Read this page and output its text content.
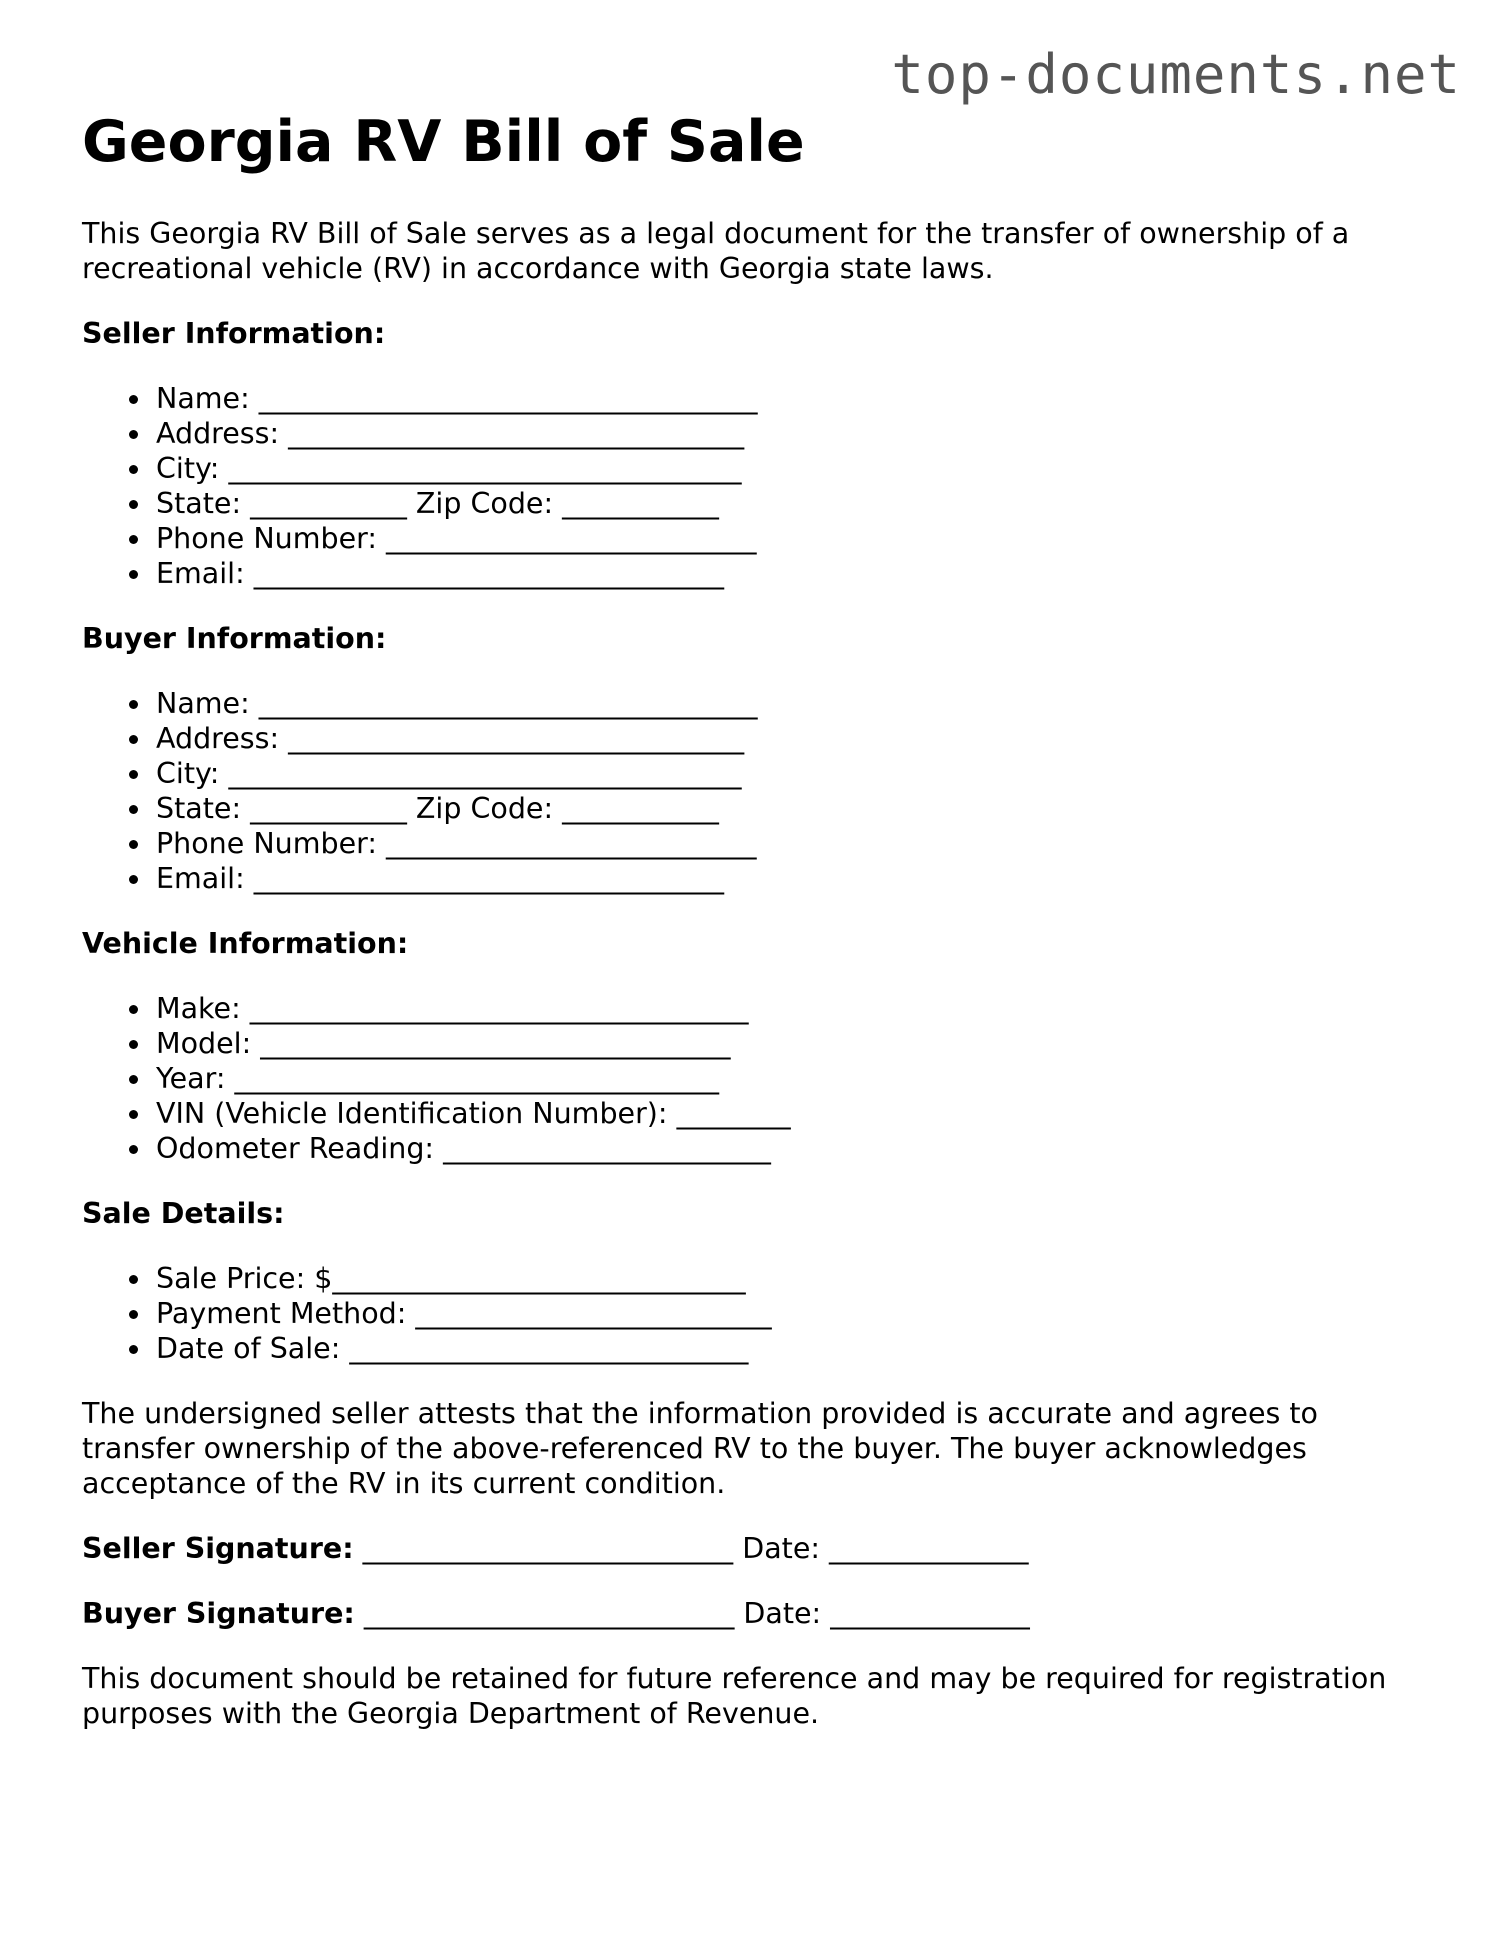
top-documents.net
Georgia RV Bill of Sale

This Georgia RV Bill of Sale serves as a legal document for the transfer of ownership of a recreational vehicle (RV) in accordance with Georgia state laws.

Seller Information:
Name: ___________________________________
Address: ________________________________
City: ____________________________________
State: ___________ Zip Code: ___________
Phone Number: __________________________
Email: _________________________________
Buyer Information:
Name: ___________________________________
Address: ________________________________
City: ____________________________________
State: ___________ Zip Code: ___________
Phone Number: __________________________
Email: _________________________________
Vehicle Information:
Make: ___________________________________
Model: _________________________________
Year: __________________________________
VIN (Vehicle Identification Number): ________
Odometer Reading: _______________________
Sale Details:
Sale Price: $_____________________________
Payment Method: _________________________
Date of Sale: ____________________________

The undersigned seller attests that the information provided is accurate and agrees to transfer ownership of the above-referenced RV to the buyer. The buyer acknowledges acceptance of the RV in its current condition.

Seller Signature: __________________________ Date: ______________
Buyer Signature: __________________________ Date: ______________

This document should be retained for future reference and may be required for registration purposes with the Georgia Department of Revenue.
